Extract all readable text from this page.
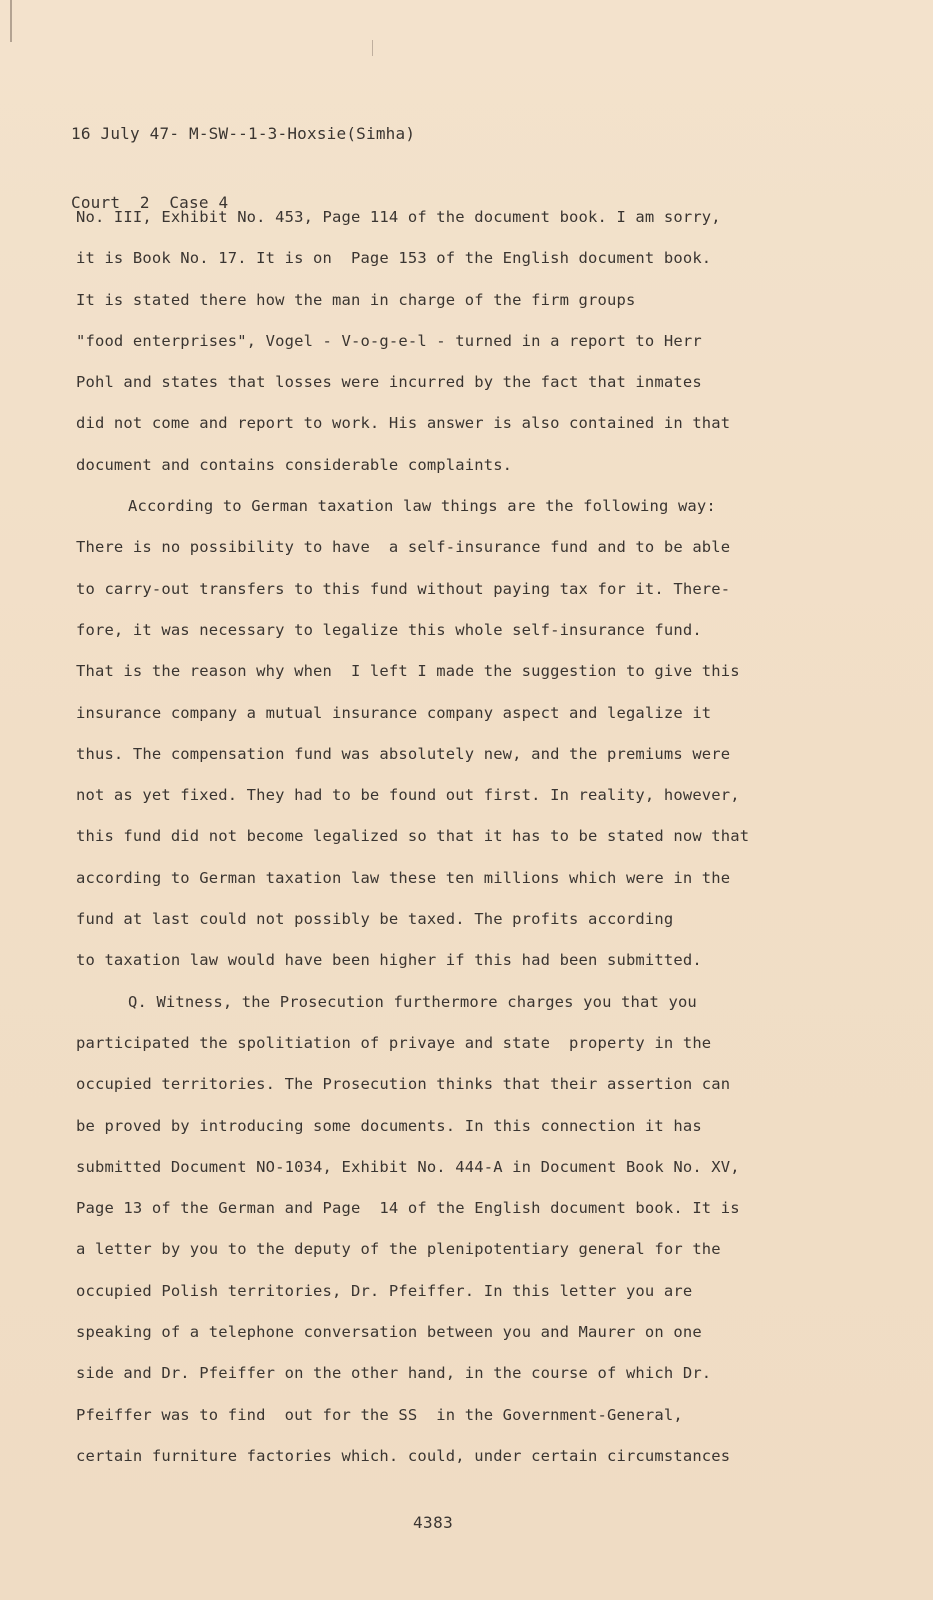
16 July 47- M-SW--1-3-Hoxsie(Simha)

Court  2  Case 4

No. III, Exhibit No. 453, Page 114 of the document book. I am sorry,
it is Book No. 17. It is on  Page 153 of the English document book.
It is stated there how the man in charge of the firm groups
"food enterprises", Vogel - V-o-g-e-l - turned in a report to Herr
Pohl and states that losses were incurred by the fact that inmates
did not come and report to work. His answer is also contained in that
document and contains considerable complaints.
According to German taxation law things are the following way:
There is no possibility to have  a self-insurance fund and to be able
to carry-out transfers to this fund without paying tax for it. There-
fore, it was necessary to legalize this whole self-insurance fund.
That is the reason why when  I left I made the suggestion to give this
insurance company a mutual insurance company aspect and legalize it
thus. The compensation fund was absolutely new, and the premiums were
not as yet fixed. They had to be found out first. In reality, however,
this fund did not become legalized so that it has to be stated now that
according to German taxation law these ten millions which were in the
fund at last could not possibly be taxed. The profits according
to taxation law would have been higher if this had been submitted.
Q. Witness, the Prosecution furthermore charges you that you
participated the spolitiation of privaye and state  property in the
occupied territories. The Prosecution thinks that their assertion can
be proved by introducing some documents. In this connection it has
submitted Document NO-1034, Exhibit No. 444-A in Document Book No. XV,
Page 13 of the German and Page  14 of the English document book. It is
a letter by you to the deputy of the plenipotentiary general for the
occupied Polish territories, Dr. Pfeiffer. In this letter you are
speaking of a telephone conversation between you and Maurer on one
side and Dr. Pfeiffer on the other hand, in the course of which Dr.
Pfeiffer was to find  out for the SS  in the Government-General,
certain furniture factories which. could, under certain circumstances
4383
